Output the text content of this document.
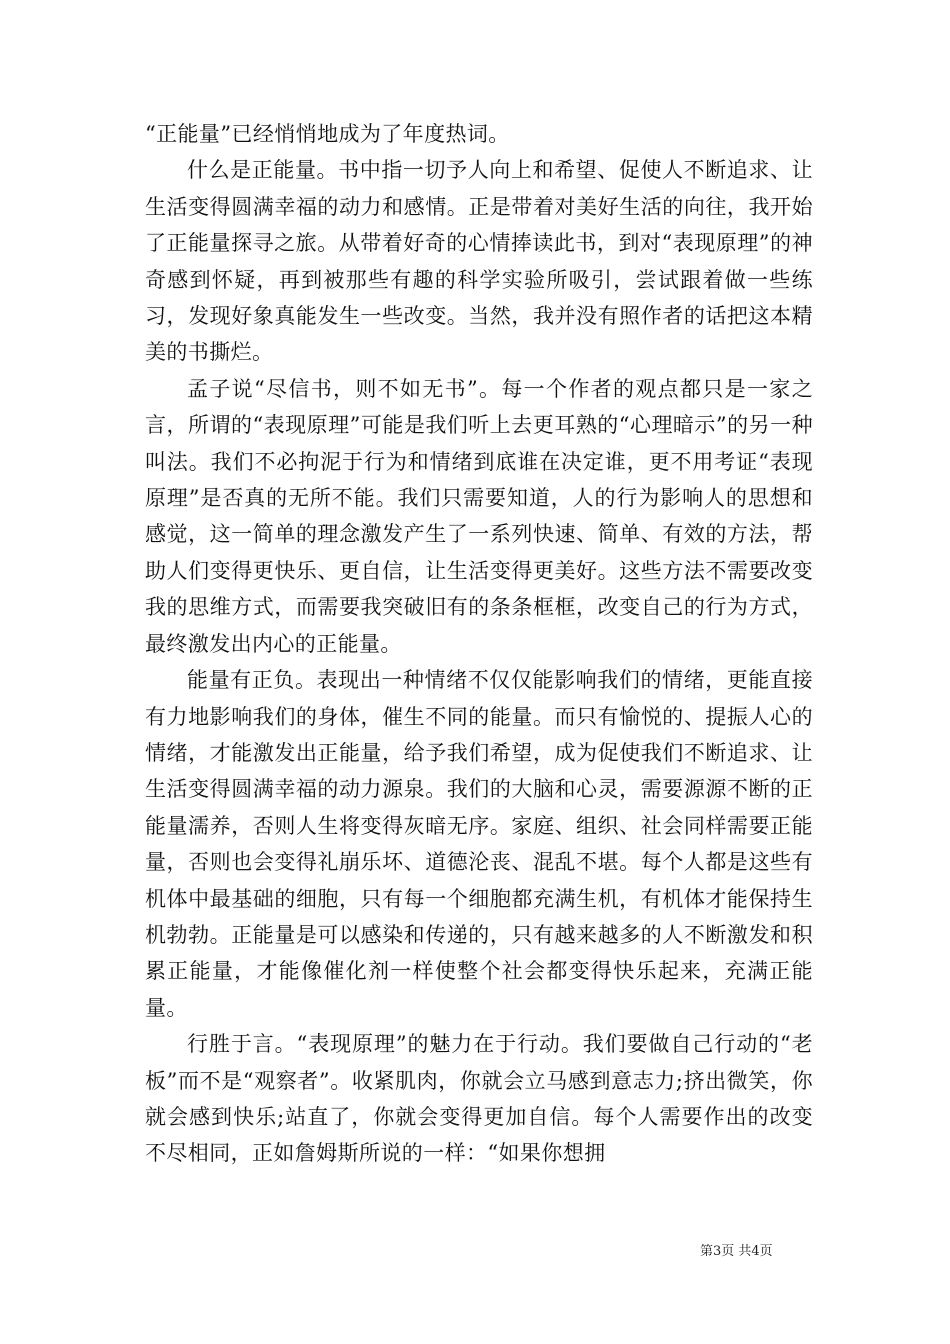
“正能量”已经悄悄地成为了年度热词。

什么是正能量。书中指一切予人向上和希望、促使人不断追求、让生活变得圆满幸福的动力和感情。正是带着对美好生活的向往，我开始了正能量探寻之旅。从带着好奇的心情捧读此书，到对“表现原理”的神奇感到怀疑，再到被那些有趣的科学实验所吸引，尝试跟着做一些练习，发现好象真能发生一些改变。当然，我并没有照作者的话把这本精美的书撕烂。

孟子说“尽信书，则不如无书”。每一个作者的观点都只是一家之言，所谓的“表现原理”可能是我们听上去更耳熟的“心理暗示”的另一种叫法。我们不必拘泥于行为和情绪到底谁在决定谁，更不用考证“表现原理”是否真的无所不能。我们只需要知道，人的行为影响人的思想和感觉，这一简单的理念激发产生了一系列快速、简单、有效的方法，帮助人们变得更快乐、更自信，让生活变得更美好。这些方法不需要改变我的思维方式，而需要我突破旧有的条条框框，改变自己的行为方式，最终激发出内心的正能量。

能量有正负。表现出一种情绪不仅仅能影响我们的情绪，更能直接有力地影响我们的身体，催生不同的能量。而只有愉悦的、提振人心的情绪，才能激发出正能量，给予我们希望，成为促使我们不断追求、让生活变得圆满幸福的动力源泉。我们的大脑和心灵，需要源源不断的正能量濡养，否则人生将变得灰暗无序。家庭、组织、社会同样需要正能量，否则也会变得礼崩乐坏、道德沦丧、混乱不堪。每个人都是这些有机体中最基础的细胞，只有每一个细胞都充满生机，有机体才能保持生机勃勃。正能量是可以感染和传递的，只有越来越多的人不断激发和积累正能量，才能像催化剂一样使整个社会都变得快乐起来，充满正能量。

行胜于言。“表现原理”的魅力在于行动。我们要做自己行动的“老板”而不是“观察者”。收紧肌肉，你就会立马感到意志力;挤出微笑，你就会感到快乐;站直了，你就会变得更加自信。每个人需要作出的改变不尽相同，正如詹姆斯所说的一样：“如果你想拥

第3页 共4页
